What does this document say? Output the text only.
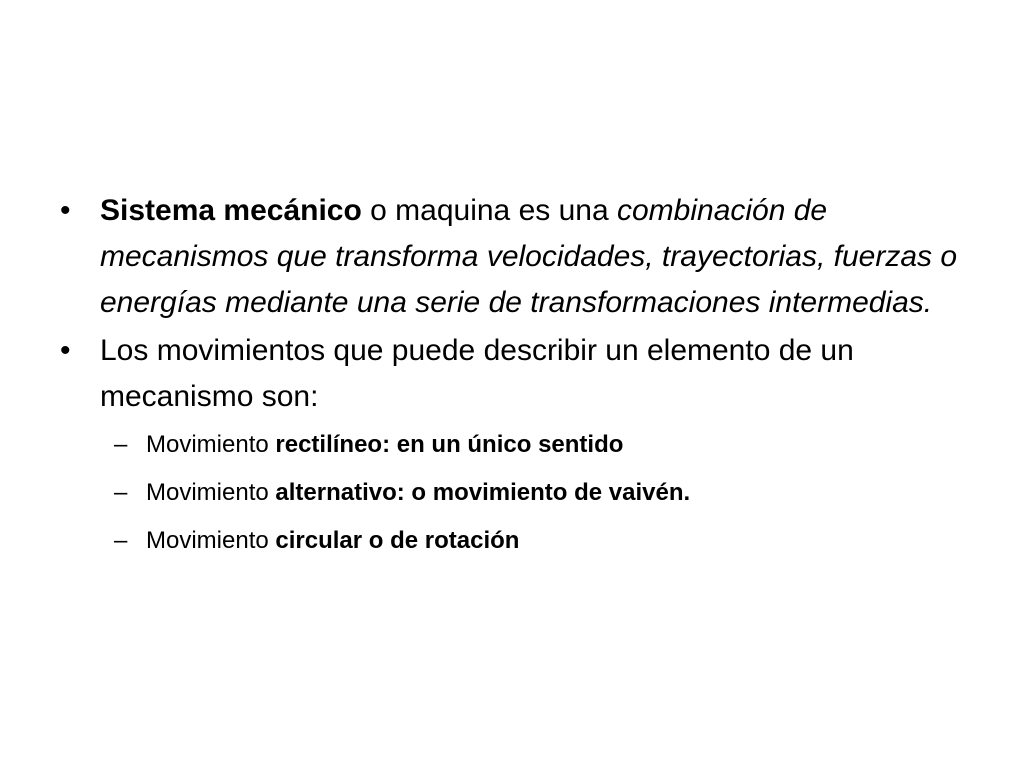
• Sistema mecánico o maquina es una combinación de mecanismos que transforma velocidades, trayectorias, fuerzas o energías mediante una serie de transformaciones intermedias.
• Los movimientos que puede describir un elemento de un mecanismo son:
– Movimiento rectilíneo: en un único sentido
– Movimiento alternativo: o movimiento de vaivén.
– Movimiento circular o de rotación
